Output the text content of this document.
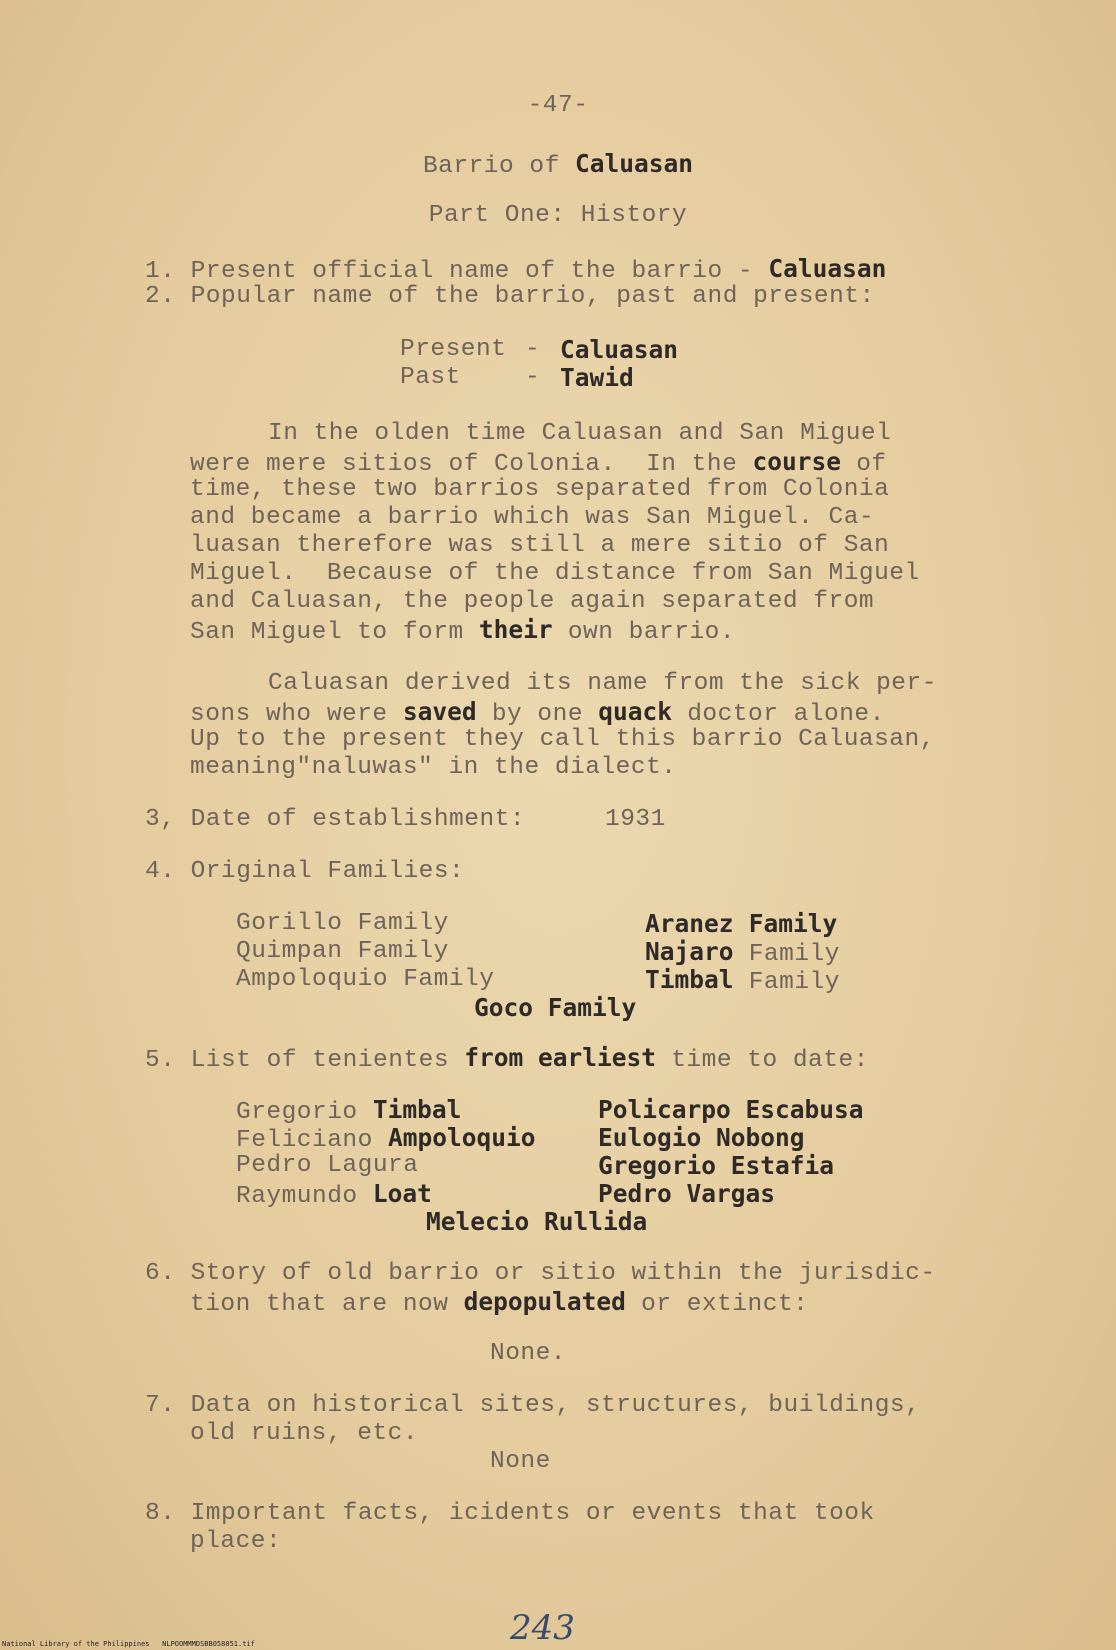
-47-
Barrio of Caluasan
Part One: History
1. Present official name of the barrio - Caluasan
2. Popular name of the barrio, past and present:
Present - Caluasan
Past	- Tawid
In the olden time Caluasan and San Miguel
were mere sitios of Colonia.  In the course of
time, these two barrios separated from Colonia
and became a barrio which was San Miguel. Ca-
luasan therefore was still a mere sitio of San
Miguel.  Because of the distance from San Miguel
and Caluasan, the people again separated from
San Miguel to form their own barrio.
Caluasan derived its name from the sick per-
sons who were saved by one quack doctor alone.
Up to the present they call this barrio Caluasan,
meaning"naluwas" in the dialect.
3, Date of establishment:	1931
4. Original Families:
Gorillo Family
Quimpan Family
Ampoloquio Family
Aranez Family
Najaro Family
Timbal Family
Goco Family
5. List of tenientes from earliest time to date:
Gregorio Timbal
Feliciano Ampoloquio
Pedro Lagura
Raymundo Loat
Policarpo Escabusa
Eulogio Nobong
Gregorio Estafia
Pedro Vargas
Melecio Rullida
6. Story of old barrio or sitio within the jurisdic-
tion that are now depopulated or extinct:
None.
7. Data on historical sites, structures, buildings,
old ruins, etc.
None
8. Important facts, icidents or events that took
place:
243
National Library of the Philippines   NLPOOMMMDSBB058051.tif
